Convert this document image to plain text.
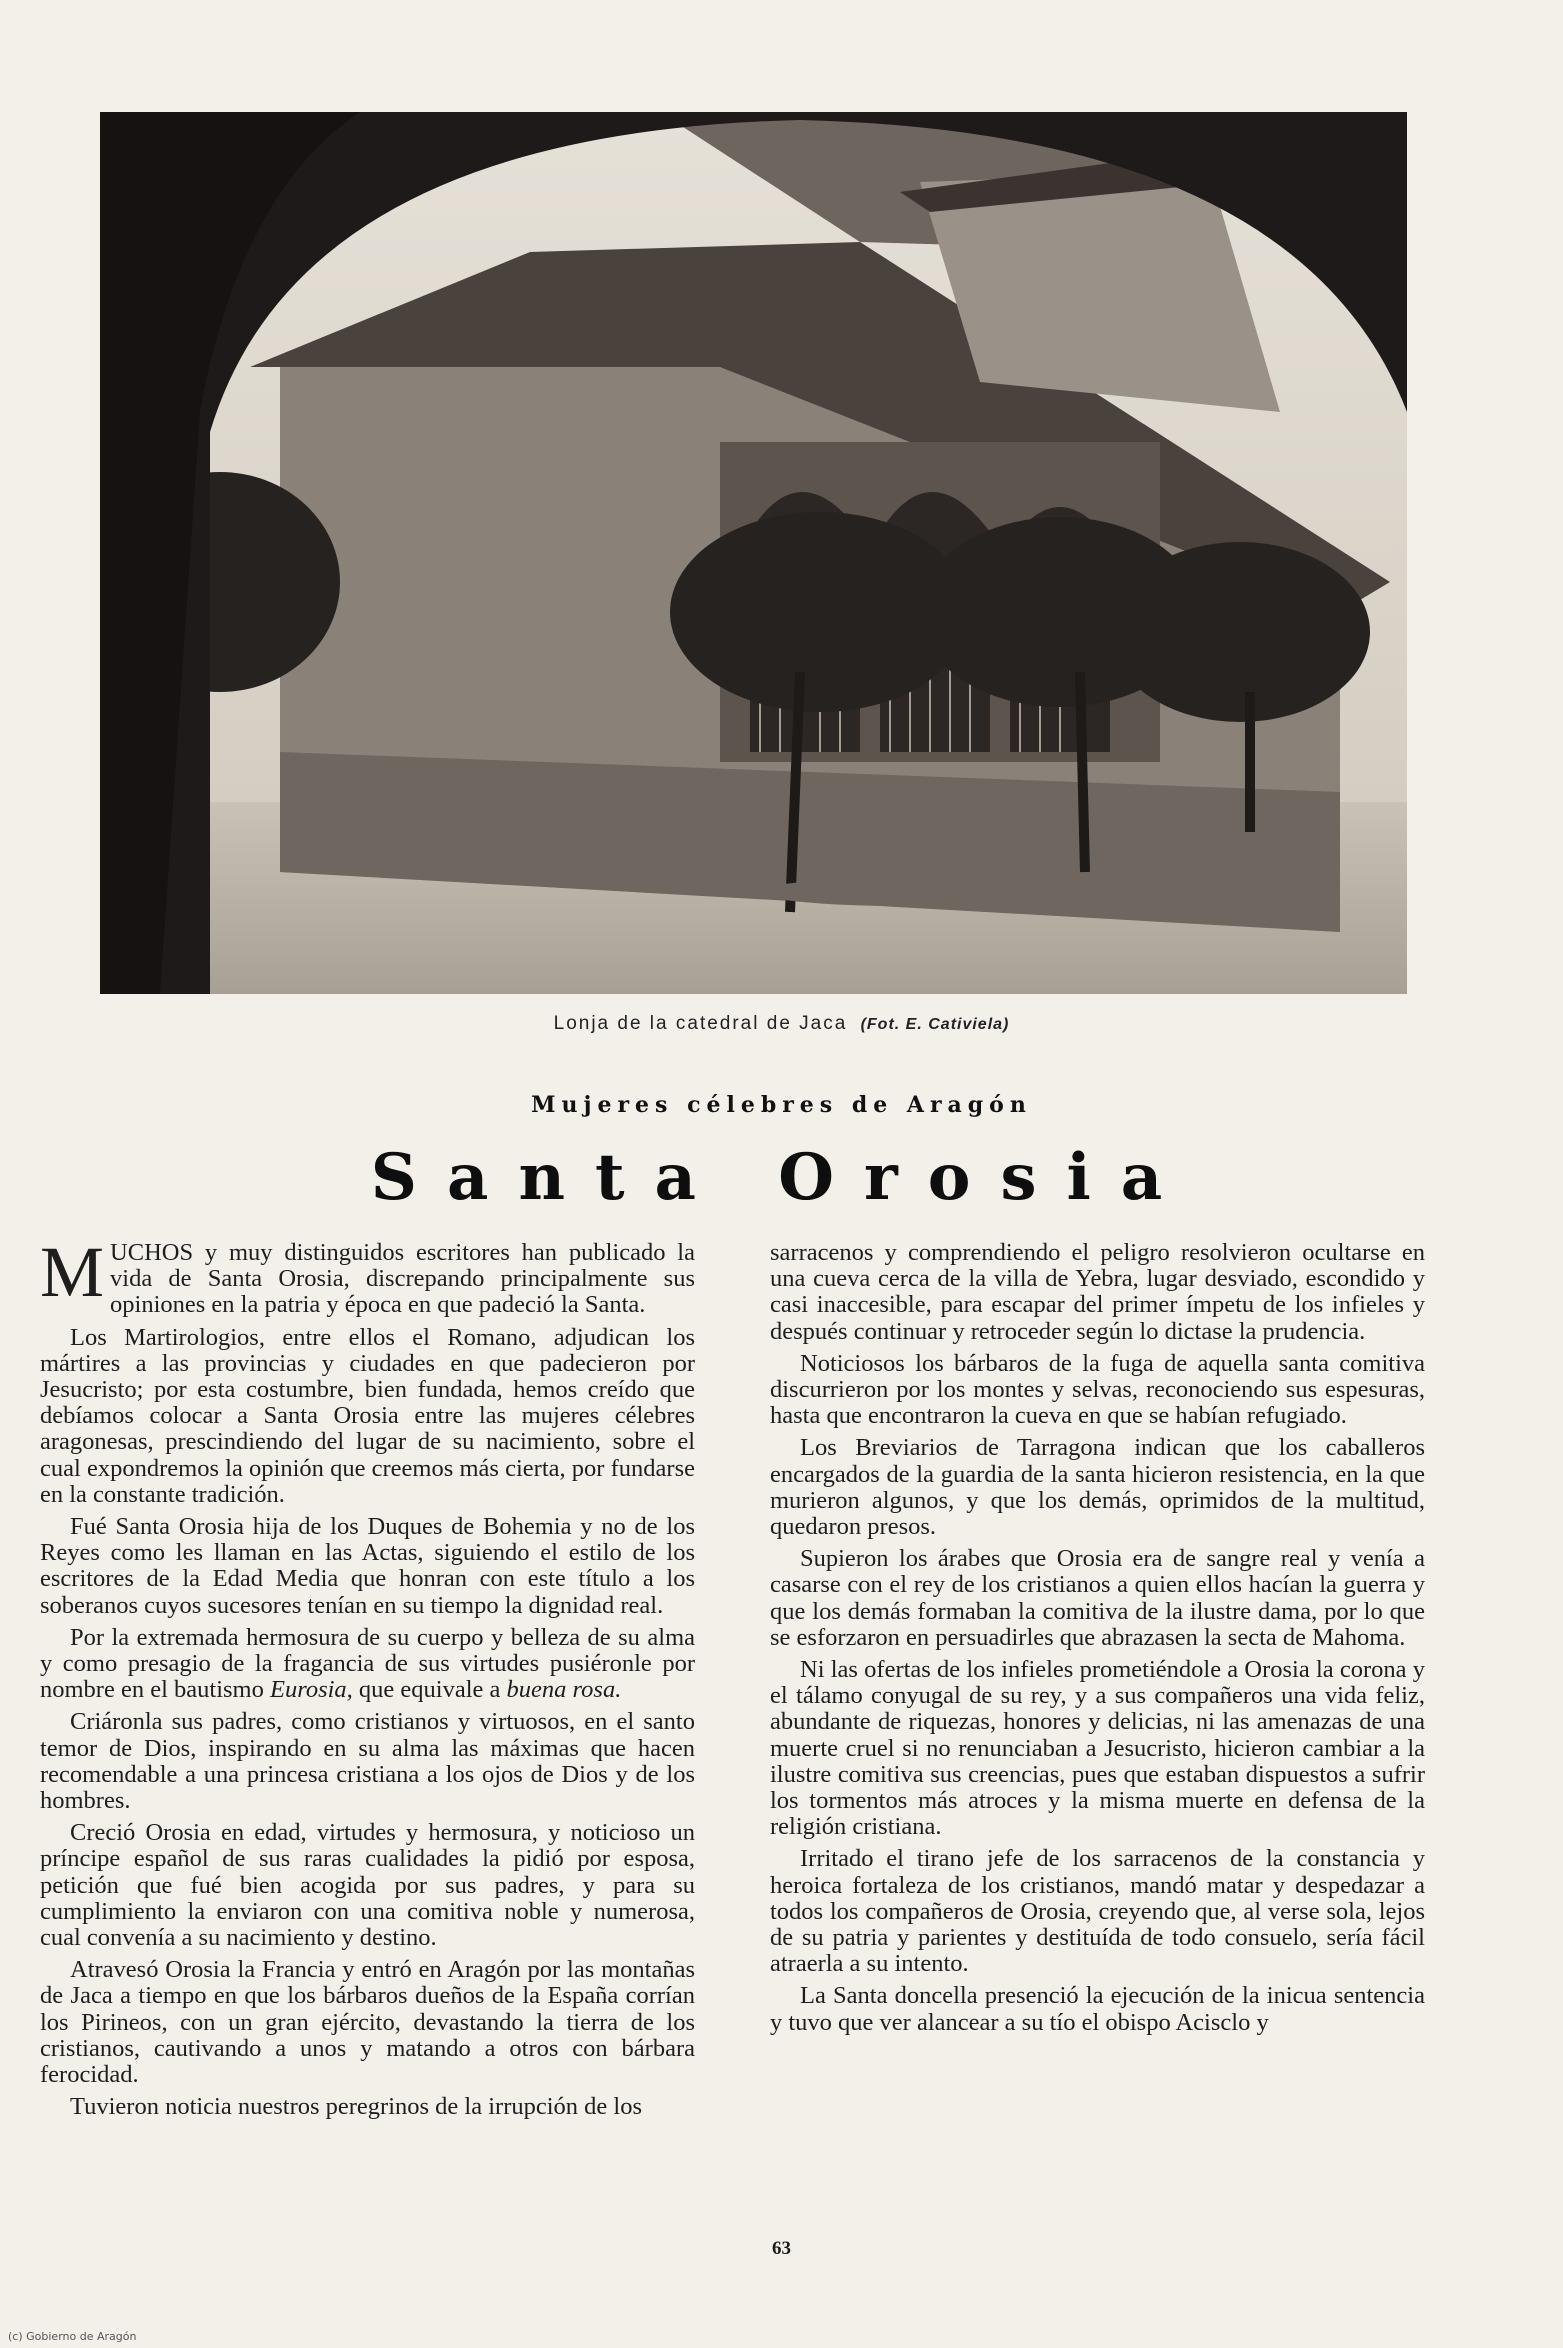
Lonja de la catedral de Jaca (Fot. E. Cativiela)
Mujeres célebres de Aragón
Santa Orosia

MUCHOS y muy distinguidos escritores han publicado la vida de Santa Orosia, discrepando principalmente sus opiniones en la patria y época en que padeció la Santa.

Los Martirologios, entre ellos el Romano, adjudican los mártires a las provincias y ciudades en que padecieron por Jesucristo; por esta costumbre, bien fundada, hemos creído que debíamos colocar a Santa Orosia entre las mujeres célebres aragonesas, prescindiendo del lugar de su nacimiento, sobre el cual expondremos la opinión que creemos más cierta, por fundarse en la constante tradición.

Fué Santa Orosia hija de los Duques de Bohemia y no de los Reyes como les llaman en las Actas, siguiendo el estilo de los escritores de la Edad Media que honran con este título a los soberanos cuyos sucesores tenían en su tiempo la dignidad real.

Por la extremada hermosura de su cuerpo y belleza de su alma y como presagio de la fragancia de sus virtudes pusiéronle por nombre en el bautismo Eurosia, que equivale a buena rosa.

Criáronla sus padres, como cristianos y virtuosos, en el santo temor de Dios, inspirando en su alma las máximas que hacen recomendable a una princesa cristiana a los ojos de Dios y de los hombres.

Creció Orosia en edad, virtudes y hermosura, y noticioso un príncipe español de sus raras cualidades la pidió por esposa, petición que fué bien acogida por sus padres, y para su cumplimiento la enviaron con una comitiva noble y numerosa, cual convenía a su nacimiento y destino.

Atravesó Orosia la Francia y entró en Aragón por las montañas de Jaca a tiempo en que los bárbaros dueños de la España corrían los Pirineos, con un gran ejército, devastando la tierra de los cristianos, cautivando a unos y matando a otros con bárbara ferocidad.

Tuvieron noticia nuestros peregrinos de la irrupción de los

sarracenos y comprendiendo el peligro resolvieron ocultarse en una cueva cerca de la villa de Yebra, lugar desviado, escondido y casi inaccesible, para escapar del primer ímpetu de los infieles y después continuar y retroceder según lo dictase la prudencia.

Noticiosos los bárbaros de la fuga de aquella santa comitiva discurrieron por los montes y selvas, reconociendo sus espesuras, hasta que encontraron la cueva en que se habían refugiado.

Los Breviarios de Tarragona indican que los caballeros encargados de la guardia de la santa hicieron resistencia, en la que murieron algunos, y que los demás, oprimidos de la multitud, quedaron presos.

Supieron los árabes que Orosia era de sangre real y venía a casarse con el rey de los cristianos a quien ellos hacían la guerra y que los demás formaban la comitiva de la ilustre dama, por lo que se esforzaron en persuadirles que abrazasen la secta de Mahoma.

Ni las ofertas de los infieles prometiéndole a Orosia la corona y el tálamo conyugal de su rey, y a sus compañeros una vida feliz, abundante de riquezas, honores y delicias, ni las amenazas de una muerte cruel si no renunciaban a Jesucristo, hicieron cambiar a la ilustre comitiva sus creencias, pues que estaban dispuestos a sufrir los tormentos más atroces y la misma muerte en defensa de la religión cristiana.

Irritado el tirano jefe de los sarracenos de la constancia y heroica fortaleza de los cristianos, mandó matar y despedazar a todos los compañeros de Orosia, creyendo que, al verse sola, lejos de su patria y parientes y destituída de todo consuelo, sería fácil atraerla a su intento.

La Santa doncella presenció la ejecución de la inicua sentencia y tuvo que ver alancear a su tío el obispo Acisclo y

63
(c) Gobierno de Aragón
